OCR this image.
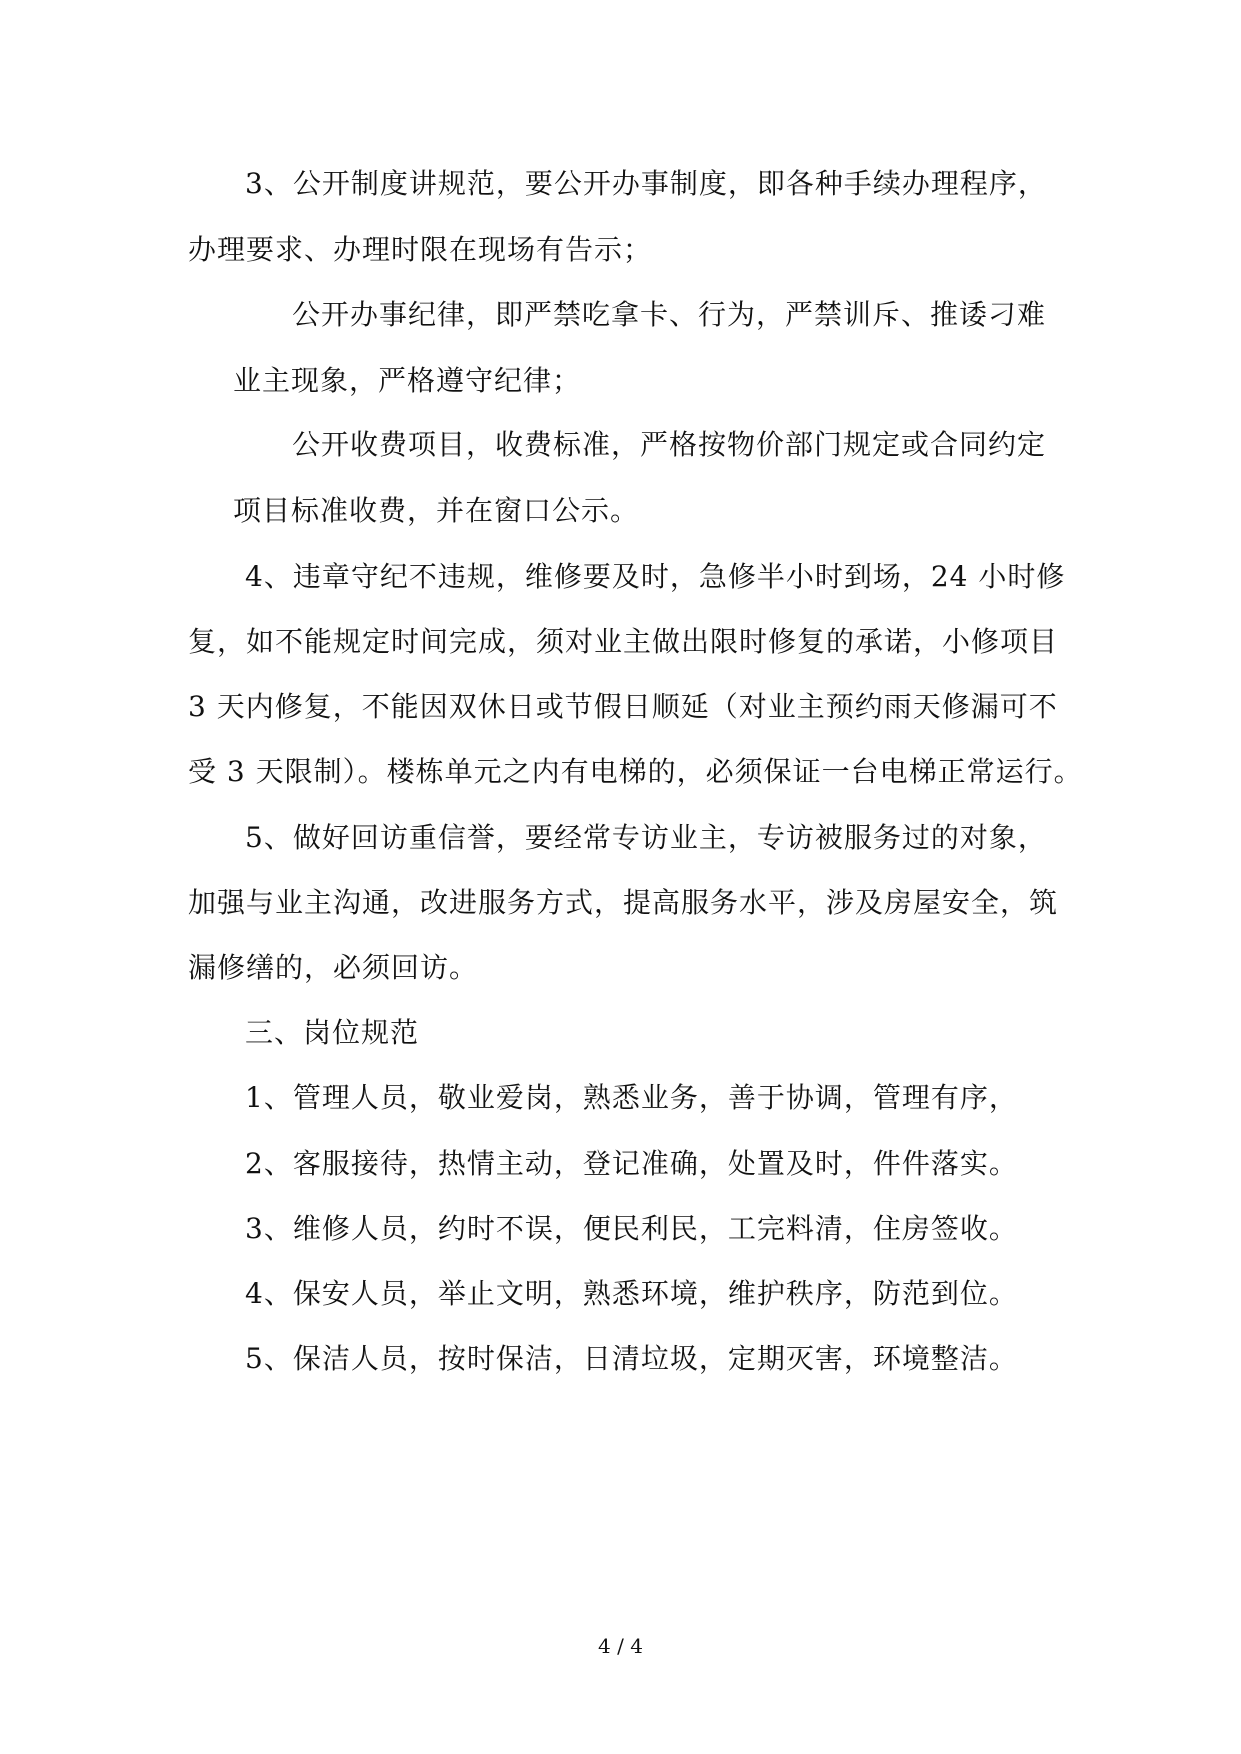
3、公开制度讲规范，要公开办事制度，即各种手续办理程序，
办理要求、办理时限在现场有告示；
公开办事纪律，即严禁吃拿卡、行为，严禁训斥、推诿刁难
业主现象，严格遵守纪律；
公开收费项目，收费标准，严格按物价部门规定或合同约定
项目标准收费，并在窗口公示。
4、违章守纪不违规，维修要及时，急修半小时到场，24 小时修
复，如不能规定时间完成，须对业主做出限时修复的承诺，小修项目
3 天内修复，不能因双休日或节假日顺延（对业主预约雨天修漏可不
受 3 天限制）。楼栋单元之内有电梯的，必须保证一台电梯正常运行。
5、做好回访重信誉，要经常专访业主，专访被服务过的对象，
加强与业主沟通，改进服务方式，提高服务水平，涉及房屋安全，筑
漏修缮的，必须回访。
三、岗位规范
1、管理人员，敬业爱岗，熟悉业务，善于协调，管理有序，
2、客服接待，热情主动，登记准确，处置及时，件件落实。
3、维修人员，约时不误，便民利民，工完料清，住房签收。
4、保安人员，举止文明，熟悉环境，维护秩序，防范到位。
5、保洁人员，按时保洁，日清垃圾，定期灭害，环境整洁。
4 / 4
